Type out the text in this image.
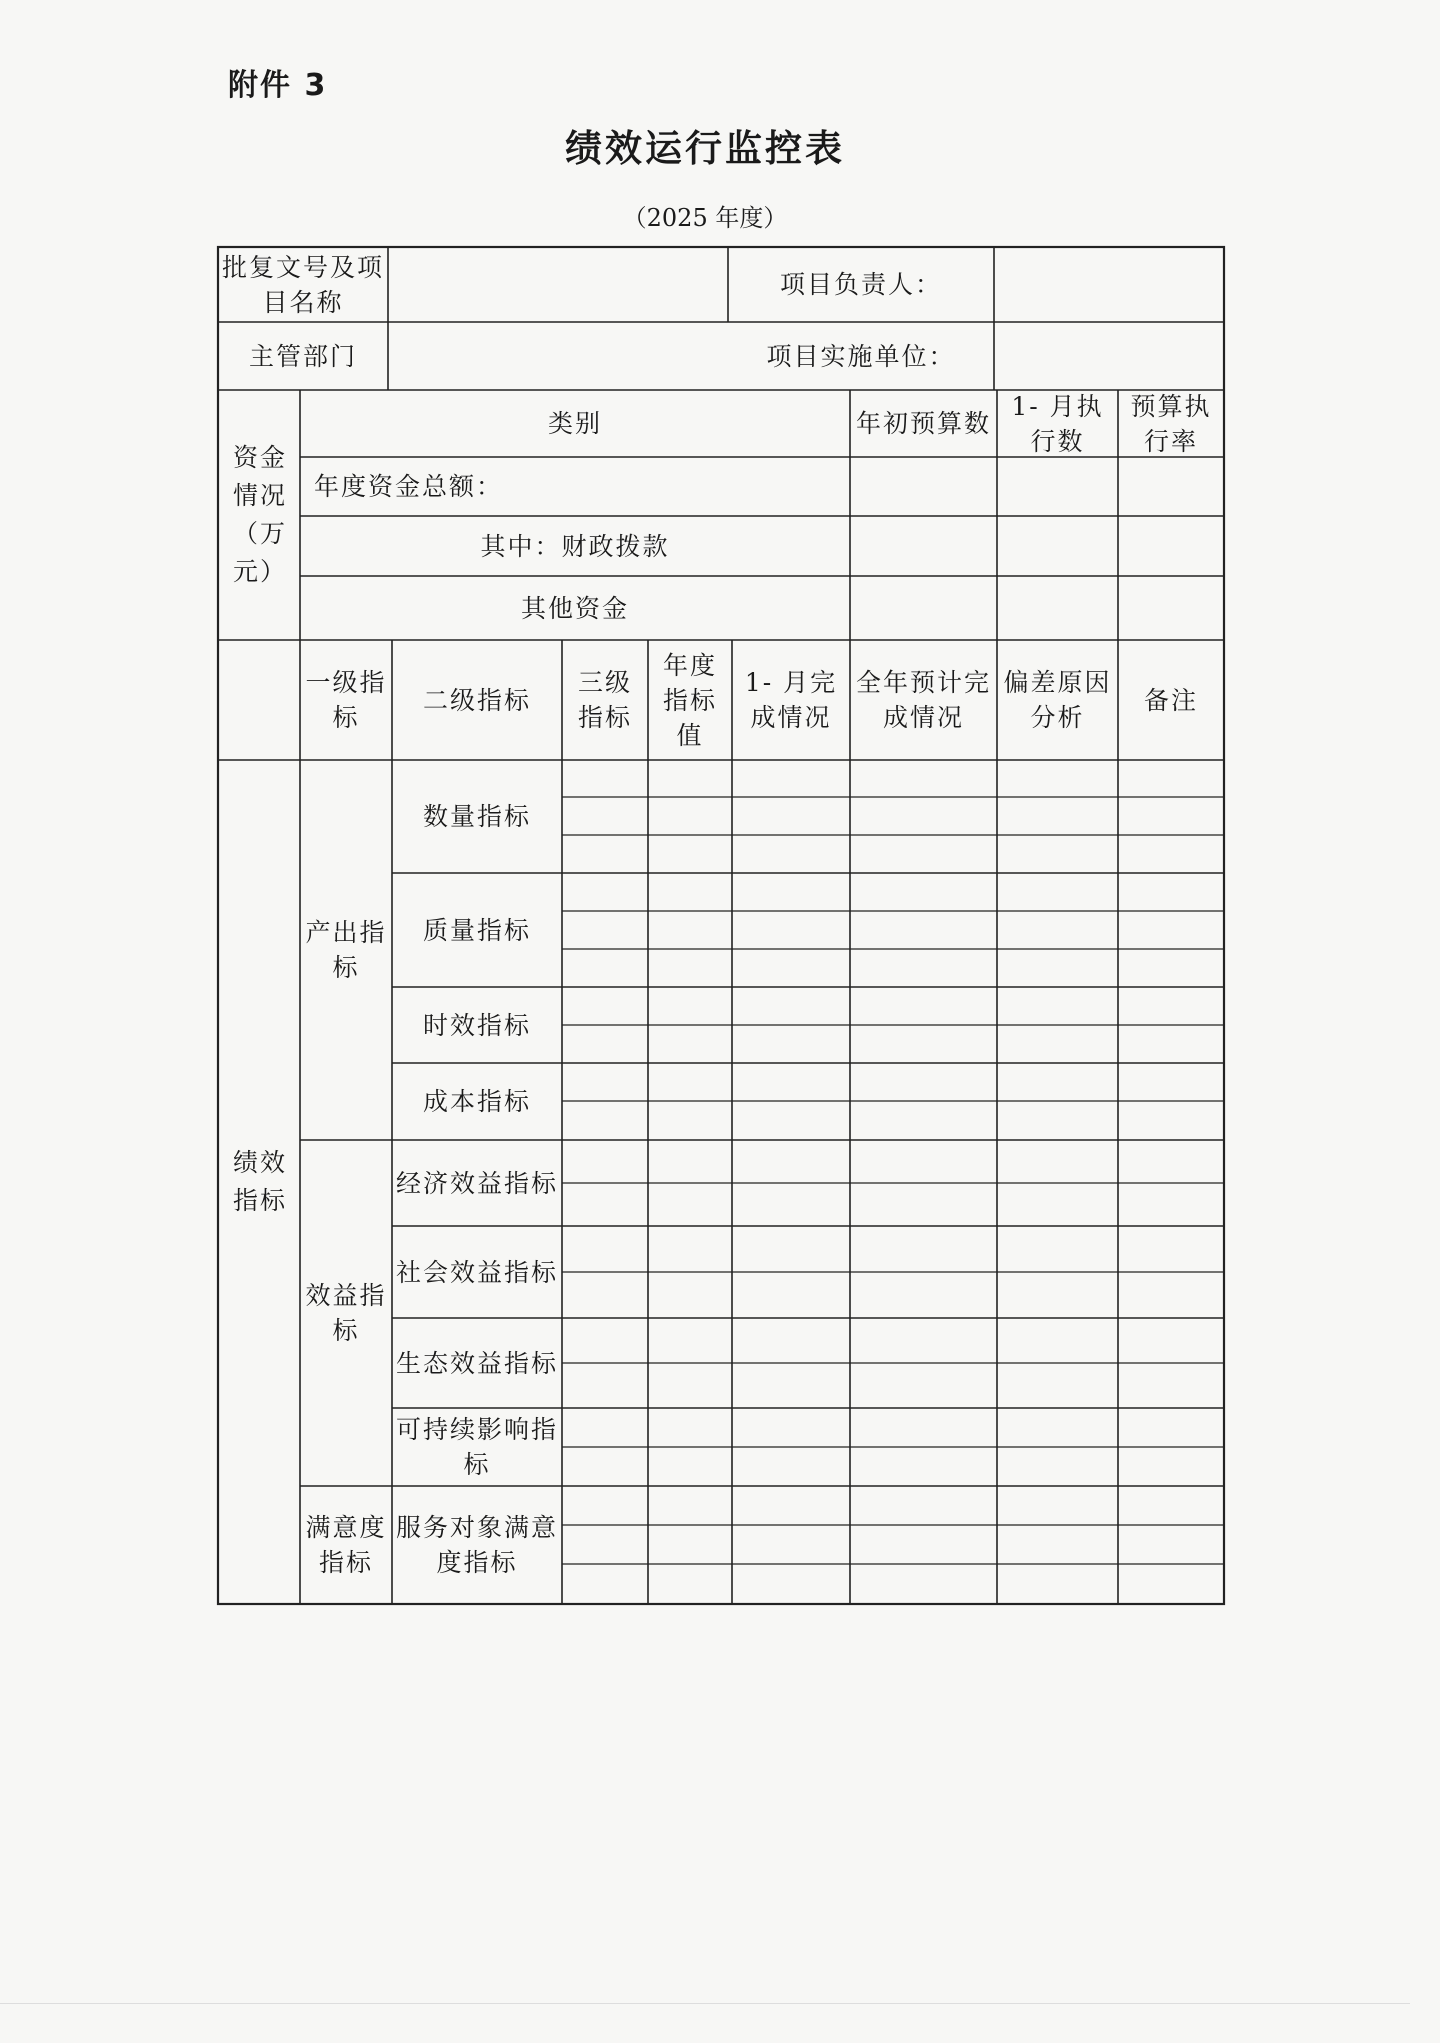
附件 3
绩效运行监控表
（2025 年度）
批复文号及项目名称
项目负责人：
主管部门	项目实施单位：
资金情况（万元）
类别	年初预算数
1- 月执行数
预算执行率
年度资金总额：
其中：财政拨款
其他资金
一级指标
二级指标
三级指标
年度指标值
1- 月完成情况
全年预计完成情况
偏差原因分析
备注
绩效指标
产出指标
效益指标
满意度指标
数量指标
质量指标
时效指标
成本指标
经济效益指标
社会效益指标
生态效益指标
可持续影响指标
服务对象满意度指标
